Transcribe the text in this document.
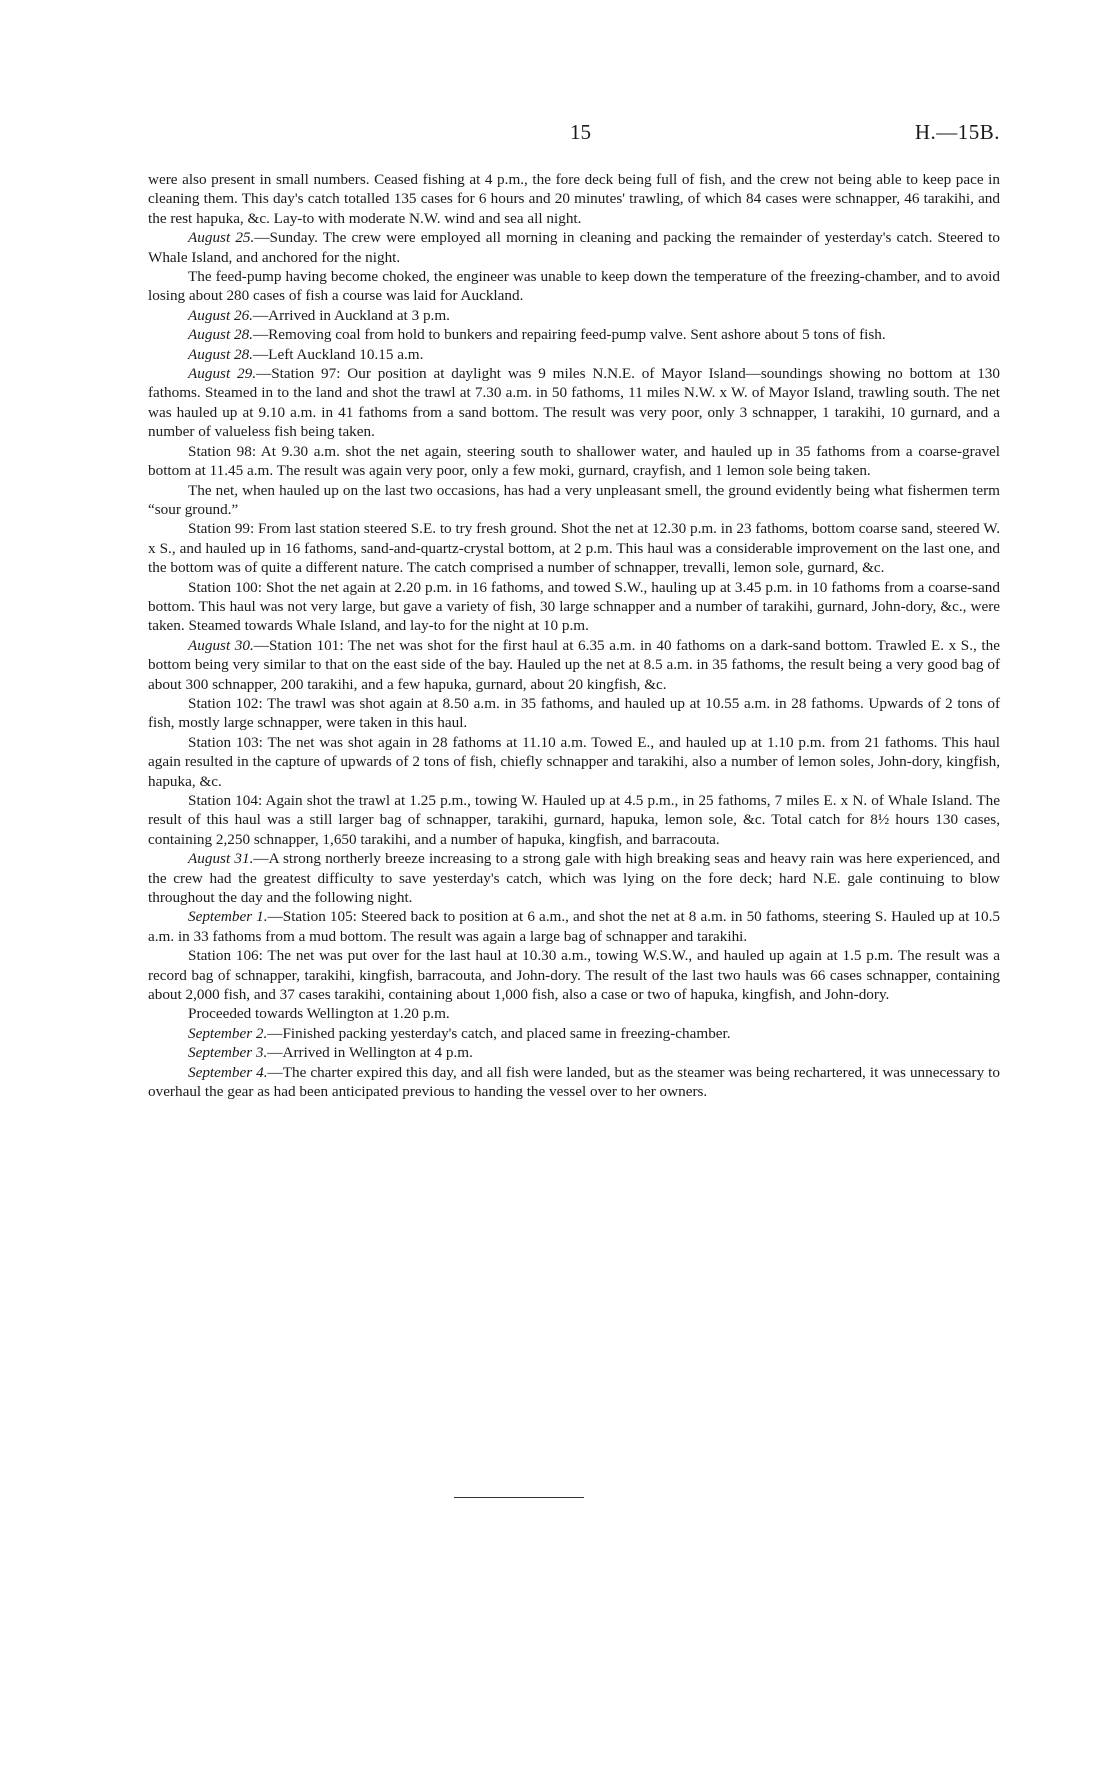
15	H.—15B.

were also present in small numbers. Ceased fishing at 4 p.m., the fore deck being full of fish, and the crew not being able to keep pace in cleaning them. This day's catch totalled 135 cases for 6 hours and 20 minutes' trawling, of which 84 cases were schnapper, 46 tarakihi, and the rest hapuka, &c. Lay-to with moderate N.W. wind and sea all night.

August 25.—Sunday. The crew were employed all morning in cleaning and packing the remainder of yesterday's catch. Steered to Whale Island, and anchored for the night.

The feed-pump having become choked, the engineer was unable to keep down the temperature of the freezing-chamber, and to avoid losing about 280 cases of fish a course was laid for Auckland.

August 26.—Arrived in Auckland at 3 p.m.

August 28.—Removing coal from hold to bunkers and repairing feed-pump valve. Sent ashore about 5 tons of fish.

August 28.—Left Auckland 10.15 a.m.

August 29.—Station 97: Our position at daylight was 9 miles N.N.E. of Mayor Island—soundings showing no bottom at 130 fathoms. Steamed in to the land and shot the trawl at 7.30 a.m. in 50 fathoms, 11 miles N.W. x W. of Mayor Island, trawling south. The net was hauled up at 9.10 a.m. in 41 fathoms from a sand bottom. The result was very poor, only 3 schnapper, 1 tarakihi, 10 gurnard, and a number of valueless fish being taken.

Station 98: At 9.30 a.m. shot the net again, steering south to shallower water, and hauled up in 35 fathoms from a coarse-gravel bottom at 11.45 a.m. The result was again very poor, only a few moki, gurnard, crayfish, and 1 lemon sole being taken.

The net, when hauled up on the last two occasions, has had a very unpleasant smell, the ground evidently being what fishermen term “sour ground.”

Station 99: From last station steered S.E. to try fresh ground. Shot the net at 12.30 p.m. in 23 fathoms, bottom coarse sand, steered W. x S., and hauled up in 16 fathoms, sand-and-quartz-crystal bottom, at 2 p.m. This haul was a considerable improvement on the last one, and the bottom was of quite a different nature. The catch comprised a number of schnapper, trevalli, lemon sole, gurnard, &c.

Station 100: Shot the net again at 2.20 p.m. in 16 fathoms, and towed S.W., hauling up at 3.45 p.m. in 10 fathoms from a coarse-sand bottom. This haul was not very large, but gave a variety of fish, 30 large schnapper and a number of tarakihi, gurnard, John-dory, &c., were taken. Steamed towards Whale Island, and lay-to for the night at 10 p.m.

August 30.—Station 101: The net was shot for the first haul at 6.35 a.m. in 40 fathoms on a dark-sand bottom. Trawled E. x S., the bottom being very similar to that on the east side of the bay. Hauled up the net at 8.5 a.m. in 35 fathoms, the result being a very good bag of about 300 schnapper, 200 tarakihi, and a few hapuka, gurnard, about 20 kingfish, &c.

Station 102: The trawl was shot again at 8.50 a.m. in 35 fathoms, and hauled up at 10.55 a.m. in 28 fathoms. Upwards of 2 tons of fish, mostly large schnapper, were taken in this haul.

Station 103: The net was shot again in 28 fathoms at 11.10 a.m. Towed E., and hauled up at 1.10 p.m. from 21 fathoms. This haul again resulted in the capture of upwards of 2 tons of fish, chiefly schnapper and tarakihi, also a number of lemon soles, John-dory, kingfish, hapuka, &c.

Station 104: Again shot the trawl at 1.25 p.m., towing W. Hauled up at 4.5 p.m., in 25 fathoms, 7 miles E. x N. of Whale Island. The result of this haul was a still larger bag of schnapper, tarakihi, gurnard, hapuka, lemon sole, &c. Total catch for 8½ hours 130 cases, containing 2,250 schnapper, 1,650 tarakihi, and a number of hapuka, kingfish, and barracouta.

August 31.—A strong northerly breeze increasing to a strong gale with high breaking seas and heavy rain was here experienced, and the crew had the greatest difficulty to save yesterday's catch, which was lying on the fore deck; hard N.E. gale continuing to blow throughout the day and the following night.

September 1.—Station 105: Steered back to position at 6 a.m., and shot the net at 8 a.m. in 50 fathoms, steering S. Hauled up at 10.5 a.m. in 33 fathoms from a mud bottom. The result was again a large bag of schnapper and tarakihi.

Station 106: The net was put over for the last haul at 10.30 a.m., towing W.S.W., and hauled up again at 1.5 p.m. The result was a record bag of schnapper, tarakihi, kingfish, barracouta, and John-dory. The result of the last two hauls was 66 cases schnapper, containing about 2,000 fish, and 37 cases tarakihi, containing about 1,000 fish, also a case or two of hapuka, kingfish, and John-dory.

Proceeded towards Wellington at 1.20 p.m.

September 2.—Finished packing yesterday's catch, and placed same in freezing-chamber.

September 3.—Arrived in Wellington at 4 p.m.

September 4.—The charter expired this day, and all fish were landed, but as the steamer was being rechartered, it was unnecessary to overhaul the gear as had been anticipated previous to handing the vessel over to her owners.
